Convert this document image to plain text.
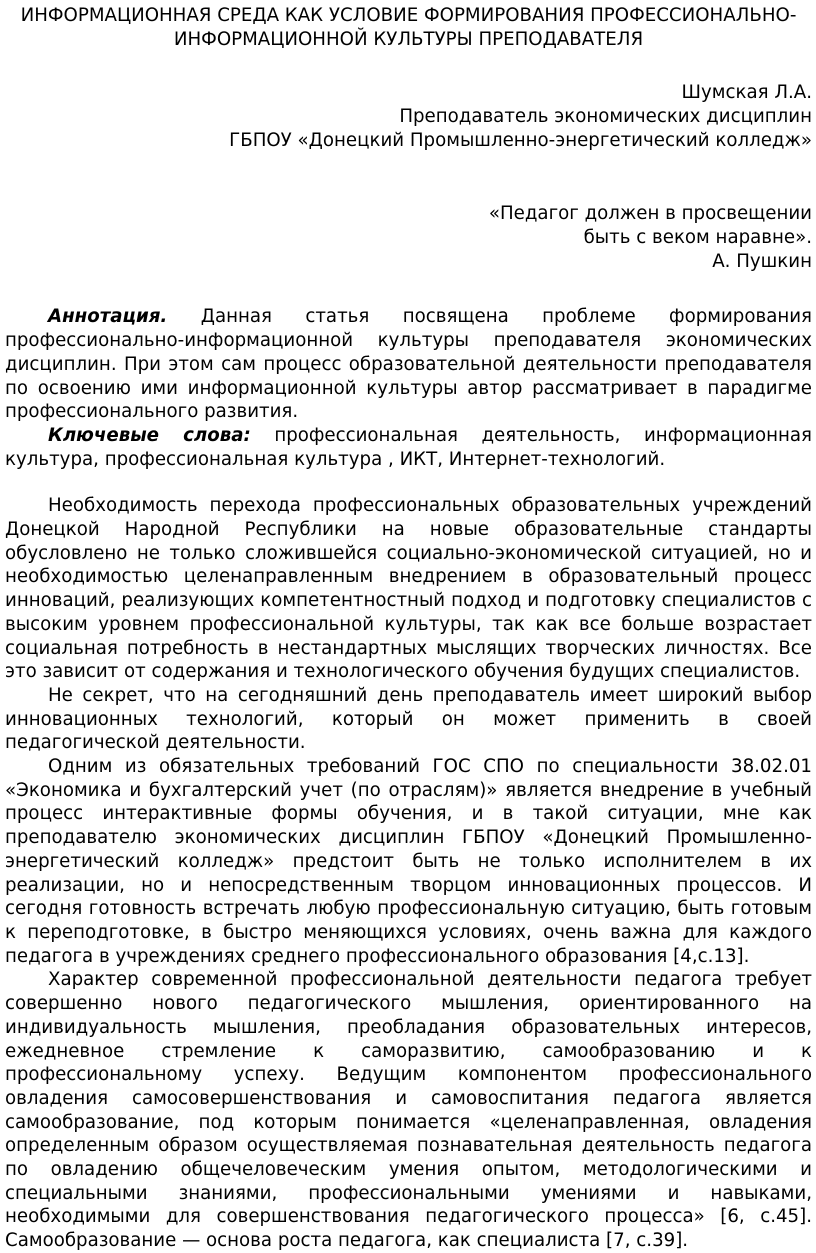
ИНФОРМАЦИОННАЯ СРЕДА КАК УСЛОВИЕ ФОРМИРОВАНИЯ ПРОФЕССИОНАЛЬНО-ИНФОРМАЦИОННОЙ КУЛЬТУРЫ ПРЕПОДАВАТЕЛЯ
Шумская Л.А.
Преподаватель экономических дисциплин
ГБПОУ «Донецкий Промышленно-энергетический колледж»
«Педагог должен в просвещении
быть с веком наравне».
А. Пушкин

Аннотация. Данная статья посвящена проблеме формирования профессионально-информационной культуры преподавателя экономических дисциплин. При этом сам процесс образовательной деятельности преподавателя по освоению ими информационной культуры автор рассматривает в парадигме профессионального развития.

Ключевые слова: профессиональная деятельность, информационная культура, профессиональная культура , ИКТ, Интернет-технологий.

Необходимость перехода профессиональных образовательных учреждений Донецкой Народной Республики на новые образовательные стандарты обусловлено не только сложившейся социально-экономической ситуацией, но и необходимостью целенаправленным внедрением в образовательный процесс инноваций, реализующих компетентностный подход и подготовку специалистов с высоким уровнем профессиональной культуры, так как все больше возрастает социальная потребность в нестандартных мыслящих творческих личностях. Все это зависит от содержания и технологического обучения будущих специалистов.

Не секрет, что на сегодняшний день преподаватель имеет широкий выбор инновационных технологий, который он может применить в своей педагогической деятельности.

Одним из обязательных требований ГОС СПО по специальности 38.02.01 «Экономика и бухгалтерский учет (по отраслям)» является внедрение в учебный процесс интерактивные формы обучения, и в такой ситуации, мне как преподавателю экономических дисциплин ГБПОУ «Донецкий Промышленно-энергетический колледж» предстоит быть не только исполнителем в их реализации, но и непосредственным творцом инновационных процессов. И сегодня готовность встречать любую профессиональную ситуацию, быть готовым к переподготовке, в быстро меняющихся условиях, очень важна для каждого педагога в учреждениях среднего профессионального образования [4,с.13].

Характер современной профессиональной деятельности педагога требует совершенно нового педагогического мышления, ориентированного на индивидуальность мышления, преобладания образовательных интересов, ежедневное стремление к саморазвитию, самообразованию и к профессиональному успеху. Ведущим компонентом профессионального овладения самосовершенствования и самовоспитания педагога является самообразование, под которым понимается «целенаправленная, овладения определенным образом осуществляемая познавательная деятельность педагога по овладению общечеловеческим умения опытом, методологическими и специальными знаниями, профессиональными умениями и навыками, необходимыми для совершенствования педагогического процесса» [6, с.45]. Самообразование — основа роста педагога, как специалиста [7, с.39].
